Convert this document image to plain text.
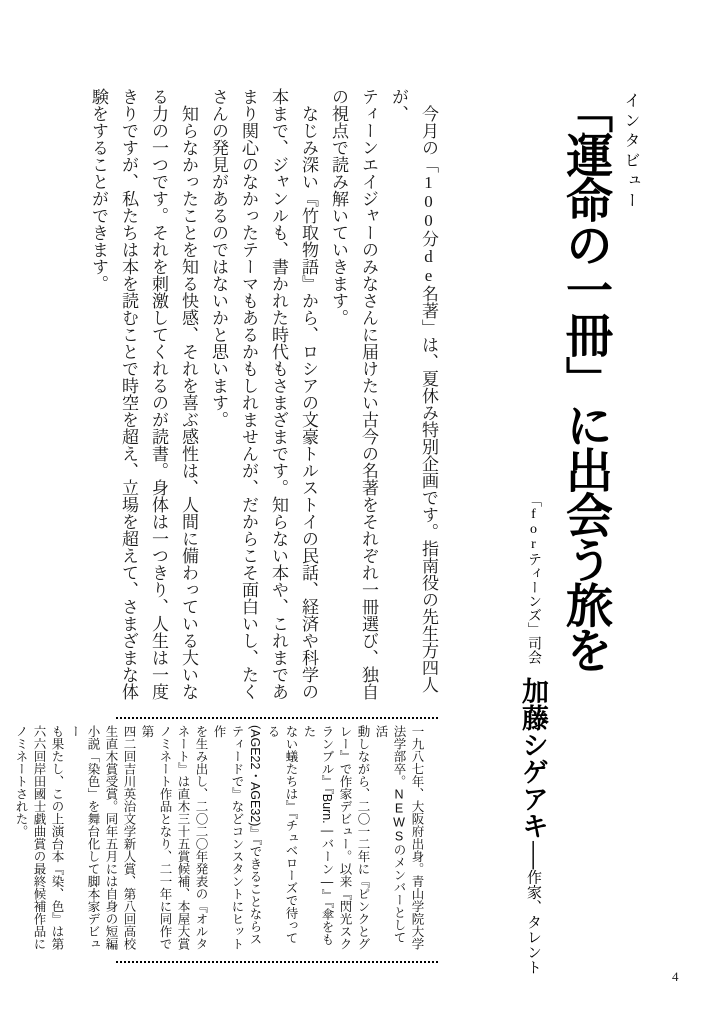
インタビュー
「運命の一冊」に出会う旅を
「forティーンズ」司会加藤シゲアキ──作家、タレント
　今月の「100分de名著」は、夏休み特別企画です。指南役の先生方四人が、
ティーンエイジャーのみなさんに届けたい古今の名著をそれぞれ一冊選び、独自
の視点で読み解いていきます。
　なじみ深い『竹取物語』から、ロシアの文豪トルストイの民話、経済や科学の
本まで、ジャンルも、書かれた時代もさまざまです。知らない本や、これまであ
まり関心のなかったテーマもあるかもしれませんが、だからこそ面白いし、たく
さんの発見があるのではないかと思います。
　知らなかったことを知る快感、それを喜ぶ感性は、人間に備わっている大いな
る力の一つです。それを刺激してくれるのが読書。身体は一つきり、人生は一度
きりですが、私たちは本を読むことで時空を超え、立場を超えて、さまざまな体
験をすることができます。
一九八七年、大阪府出身。青山学院大学
法学部卒。NEWSのメンバーとして活
動しながら、二〇一二年に『ピンクとグ
レー』で作家デビュー。以来『閃光スク
ランブル』『Burn.―バーン―』『傘をもた
ない蟻たちは』『チュベローズで待ってる
(AGE22・AGE32)』『できることならス
ティードで』などコンスタントにヒット作
を生み出し、二〇二〇年発表の『オルタ
ネート』は直木三十五賞候補、本屋大賞
ノミネート作品となり、二一年に同作で第
四二回吉川英治文学新人賞、第八回高校
生直木賞受賞。同年五月には自身の短編
小説「染色」を舞台化して脚本家デビュー
も果たし、この上演台本『染、色』は第
六六回岸田國士戯曲賞の最終候補作品に
ノミネートされた。
4
